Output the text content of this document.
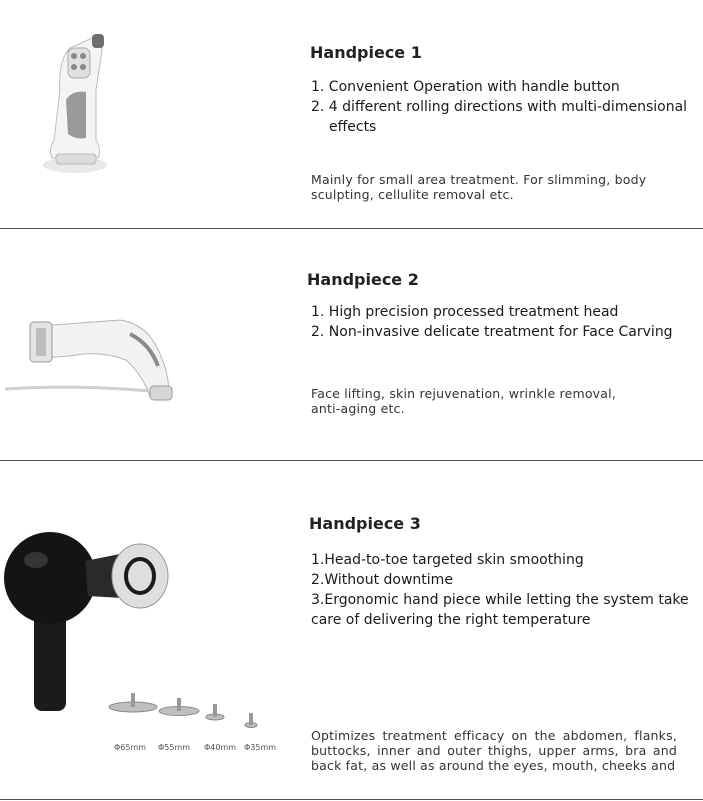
Handpiece 1
1. Convenient Operation with handle button
2. 4 different rolling directions with multi-dimensional
effects
Mainly for small area treatment. For slimming, body sculpting, cellulite removal etc.
Handpiece 2
1. High precision processed treatment head
2. Non-invasive delicate treatment for Face Carving
Face lifting, skin rejuvenation, wrinkle removal, anti-aging etc.
Φ65mm Φ55mm Φ40mm Φ35mm
Handpiece 3
1.Head-to-toe targeted skin smoothing
2.Without downtime
3.Ergonomic hand piece while letting the system take
care of delivering the right temperature
Optimizes treatment efficacy on the abdomen, flanks, buttocks, inner and outer thighs, upper arms, bra and back fat, as well as around the eyes, mouth, cheeks and
